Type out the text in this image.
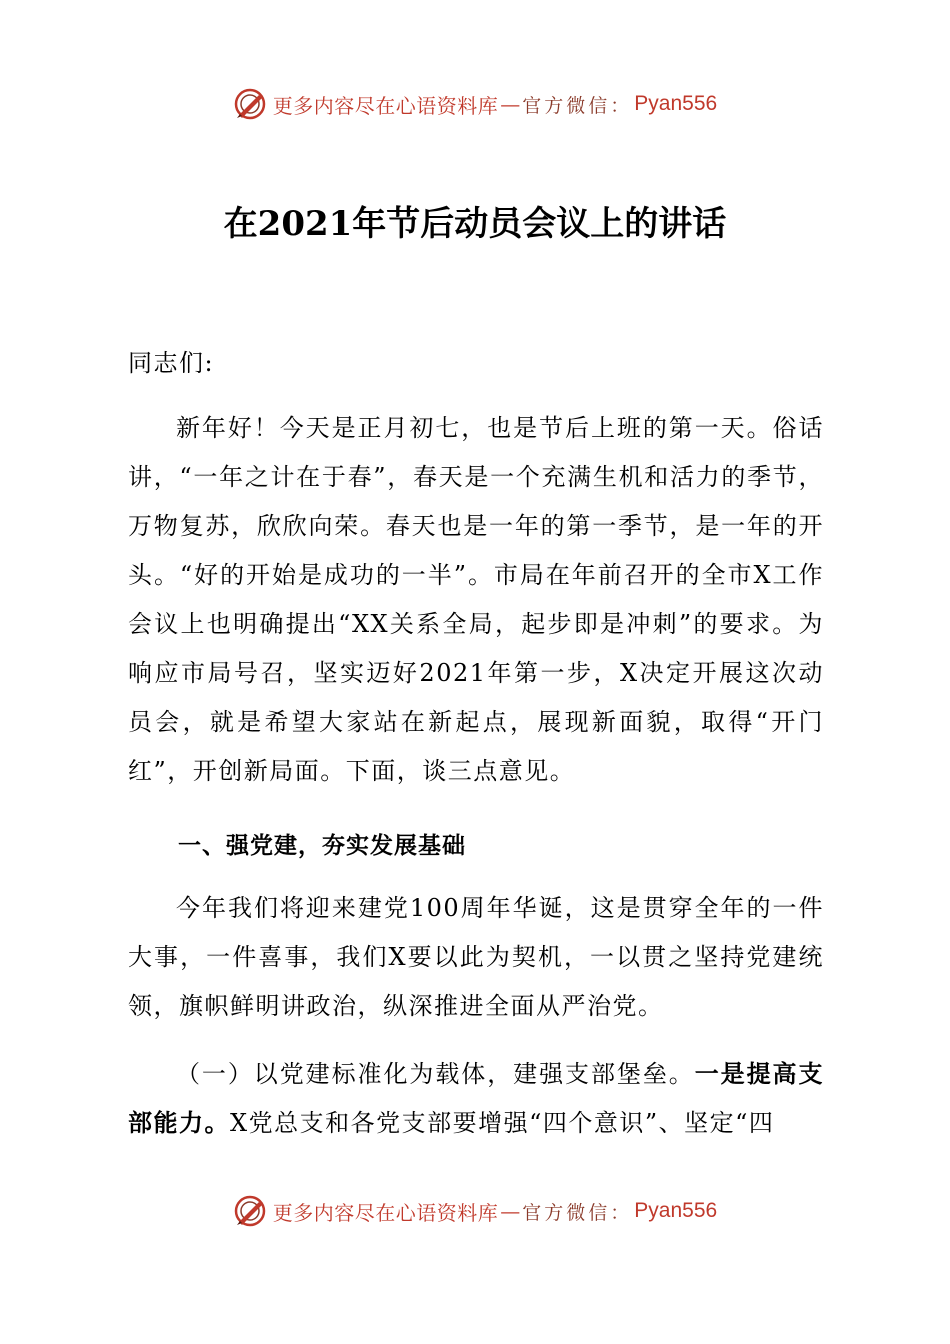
更多内容尽在心语资料库 — 官方微信： Pyan556
在2021年节后动员会议上的讲话
同志们:
新年好！今天是正月初七，也是节后上班的第一天。俗话讲，“一年之计在于春”，春天是一个充满生机和活力的季节，万物复苏，欣欣向荣。春天也是一年的第一季节，是一年的开头。“好的开始是成功的一半”。市局在年前召开的全市X工作会议上也明确提出“XX关系全局，起步即是冲刺”的要求。为响应市局号召，坚实迈好2021年第一步，X决定开展这次动员会，就是希望大家站在新起点，展现新面貌，取得“开门红”，开创新局面。下面，谈三点意见。
一、强党建，夯实发展基础
今年我们将迎来建党100周年华诞，这是贯穿全年的一件大事，一件喜事，我们X要以此为契机，一以贯之坚持党建统领，旗帜鲜明讲政治，纵深推进全面从严治党。
（一）以党建标准化为载体，建强支部堡垒。一是提高支部能力。X党总支和各党支部要增强“四个意识”、坚定“四
更多内容尽在心语资料库 — 官方微信： Pyan556
